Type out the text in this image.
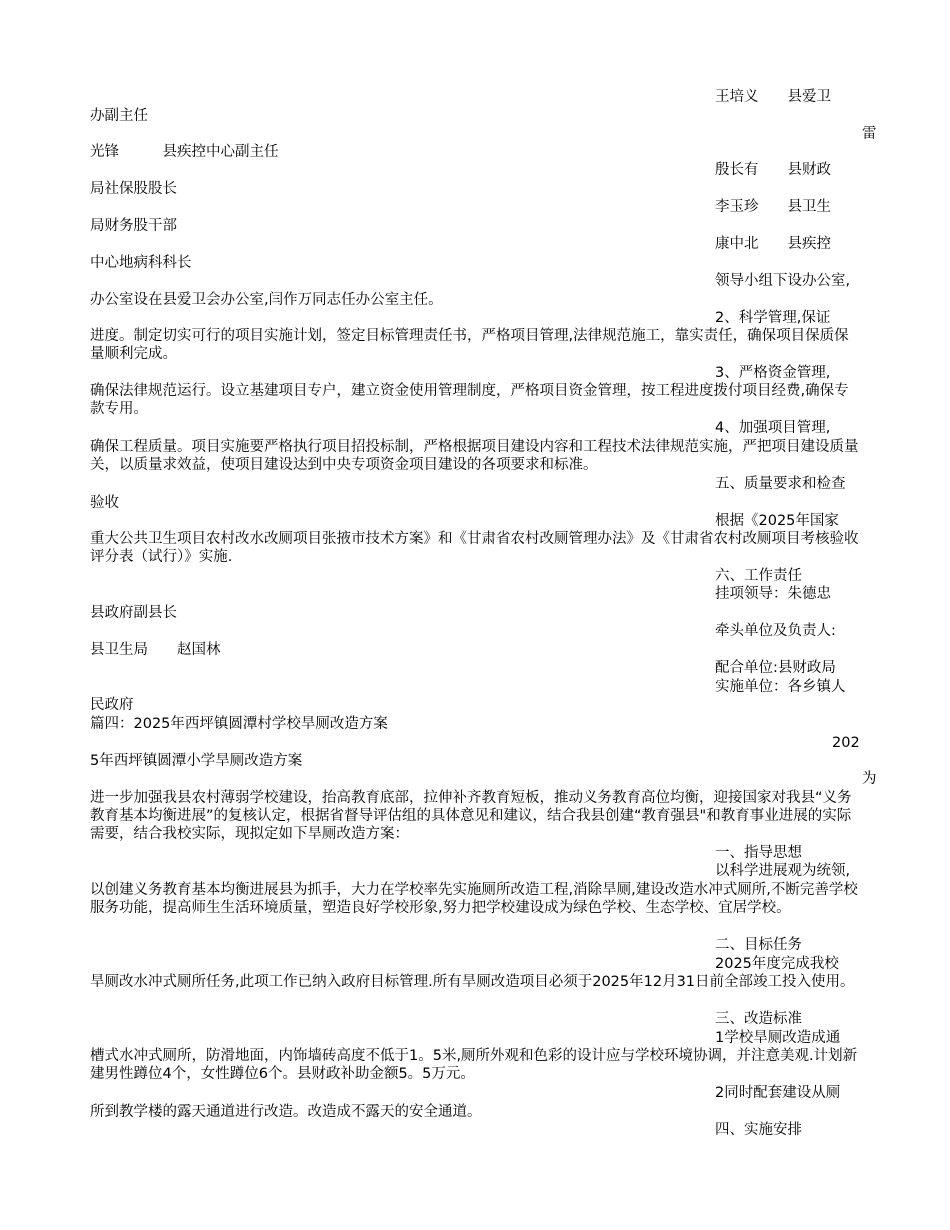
王培义　　县爱卫
办副主任
雷
光锋　　　县疾控中心副主任
殷长有　　县财政
局社保股股长
李玉珍　　县卫生
局财务股干部
康中北　　县疾控
中心地病科科长
领导小组下设办公室,
办公室设在县爱卫会办公室,闫作万同志任办公室主任。
2、科学管理,保证
进度。制定切实可行的项目实施计划，签定目标管理责任书，严格项目管理,法律规范施工，靠实责任，确保项目保质保量顺利完成。
3、严格资金管理,
确保法律规范运行。设立基建项目专户，建立资金使用管理制度，严格项目资金管理，按工程进度拨付项目经费,确保专款专用。
4、加强项目管理,
确保工程质量。项目实施要严格执行项目招投标制，严格根据项目建设内容和工程技术法律规范实施，严把项目建设质量关，以质量求效益，使项目建设达到中央专项资金项目建设的各项要求和标准。
五、质量要求和检查
验收
根据《2025年国家
重大公共卫生项目农村改水改厕项目张掖市技术方案》和《甘肃省农村改厕管理办法》及《甘肃省农村改厕项目考核验收评分表（试行）》实施.
六、工作责任
挂项领导：朱德忠
县政府副县长
牵头单位及负责人:
县卫生局　　赵国林
配合单位:县财政局
实施单位：各乡镇人
民政府
篇四：2025年西坪镇圆潭村学校旱厕改造方案
202
5年西坪镇圆潭小学旱厕改造方案
为
进一步加强我县农村薄弱学校建设，抬高教育底部，拉伸补齐教育短板，推动义务教育高位均衡，迎接国家对我县“义务教育基本均衡进展”的复核认定，根据省督导评估组的具体意见和建议，结合我县创建“教育强县"和教育事业进展的实际需要，结合我校实际，现拟定如下旱厕改造方案：
一、指导思想
以科学进展观为统领,
以创建义务教育基本均衡进展县为抓手，大力在学校率先实施厕所改造工程,消除旱厕,建设改造水冲式厕所,不断完善学校服务功能，提高师生生活环境质量，塑造良好学校形象,努力把学校建设成为绿色学校、生态学校、宜居学校。
二、目标任务
2025年度完成我校
旱厕改水冲式厕所任务,此项工作已纳入政府目标管理.所有旱厕改造项目必须于2025年12月31日前全部竣工投入使用。
三、改造标准
1学校旱厕改造成通
槽式水冲式厕所，防滑地面，内饰墙砖高度不低于1。5米,厕所外观和色彩的设计应与学校环境协调，并注意美观.计划新建男性蹲位4个，女性蹲位6个。县财政补助金额5。5万元。
2同时配套建设从厕
所到教学楼的露天通道进行改造。改造成不露天的安全通道。
四、实施安排
